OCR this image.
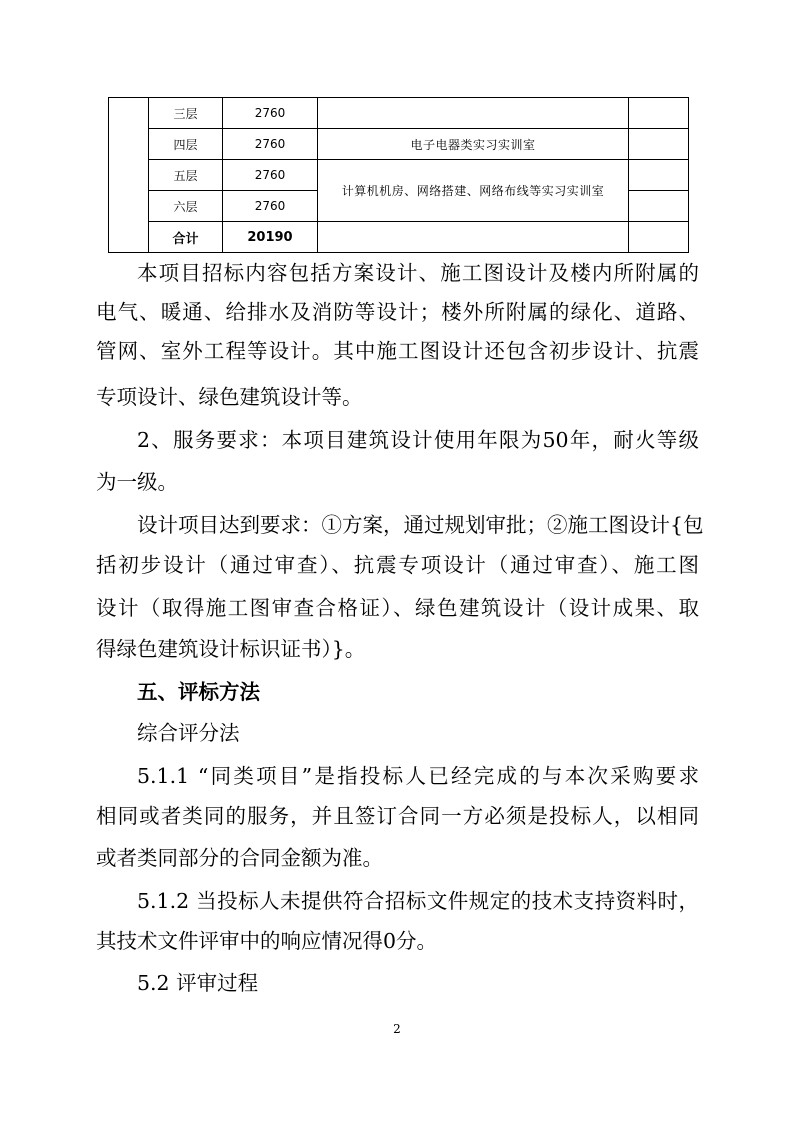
	三层	2760		
	四层	2760	电子电器类实习实训室	
	五层	2760	计算机机房、网络搭建、网络布线等实习实训室	
	六层	2760		
	合计	20190		
本项目招标内容包括方案设计、施工图设计及楼内所附属的
电气、暖通、给排水及消防等设计；楼外所附属的绿化、道路、
管网、室外工程等设计。其中施工图设计还包含初步设计、抗震
专项设计、绿色建筑设计等。
2、服务要求：本项目建筑设计使用年限为50年，耐火等级
为一级。
设计项目达到要求：①方案，通过规划审批；②施工图设计{包
括初步设计（通过审查）、抗震专项设计（通过审查）、施工图
设计（取得施工图审查合格证）、绿色建筑设计（设计成果、取
得绿色建筑设计标识证书）}。
五、评标方法
综合评分法
5.1.1 “同类项目”是指投标人已经完成的与本次采购要求
相同或者类同的服务，并且签订合同一方必须是投标人，以相同
或者类同部分的合同金额为准。
5.1.2 当投标人未提供符合招标文件规定的技术支持资料时，
其技术文件评审中的响应情况得0分。
5.2 评审过程
2
